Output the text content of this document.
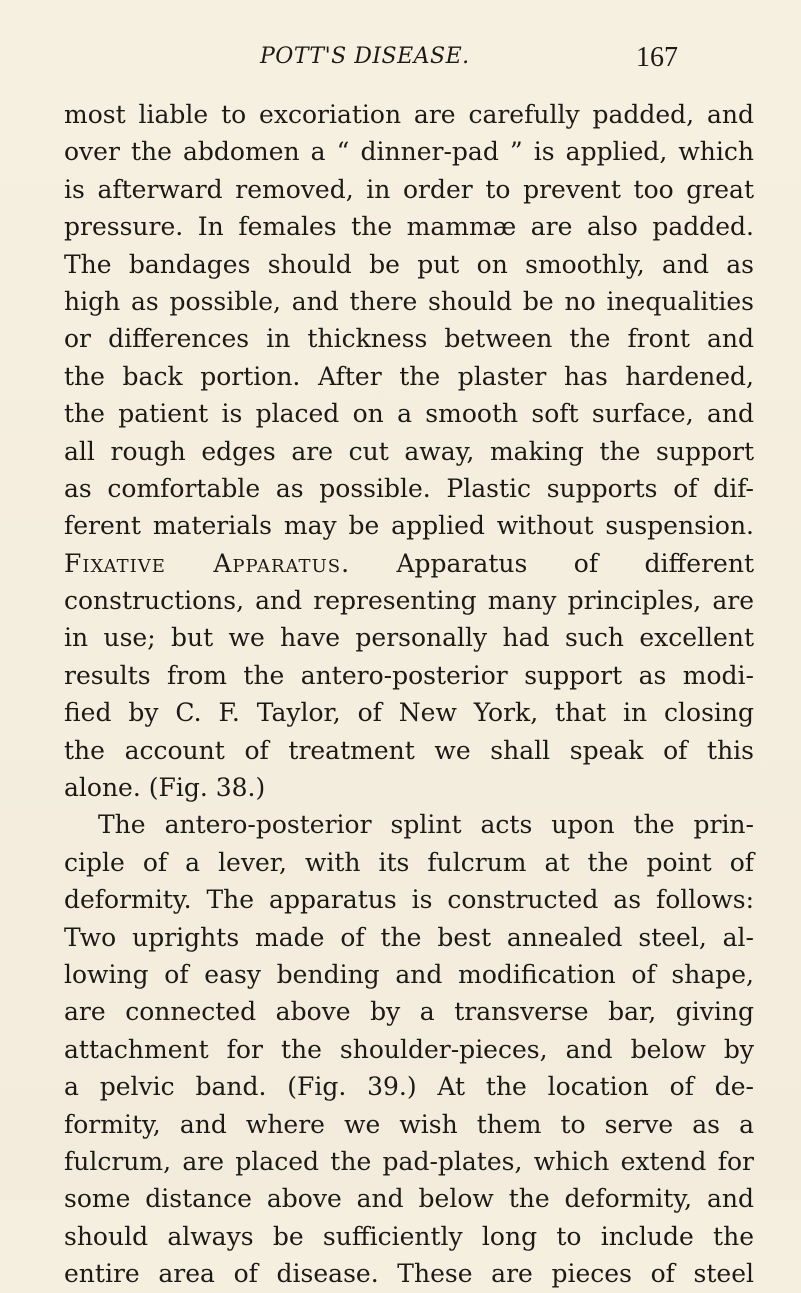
POTT'S DISEASE.	167
most liable to excoriation are carefully padded, and
over the abdomen a “ dinner-pad ” is applied, which
is afterward removed, in order to prevent too great
pressure. In females the mammæ are also padded.
The bandages should be put on smoothly, and as
high as possible, and there should be no inequalities
or differences in thickness between the front and
the back portion. After the plaster has hardened,
the patient is placed on a smooth soft surface, and
all rough edges are cut away, making the support
as comfortable as possible. Plastic supports of dif-
ferent materials may be applied without suspension.
Fixative Apparatus. Apparatus of different
constructions, and representing many principles, are
in use; but we have personally had such excellent
results from the antero-posterior support as modi-
fied by C. F. Taylor, of New York, that in closing
the account of treatment we shall speak of this
alone. (Fig. 38.)
The antero-posterior splint acts upon the prin-
ciple of a lever, with its fulcrum at the point of
deformity. The apparatus is constructed as follows:
Two uprights made of the best annealed steel, al-
lowing of easy bending and modification of shape,
are connected above by a transverse bar, giving
attachment for the shoulder-pieces, and below by
a pelvic band. (Fig. 39.) At the location of de-
formity, and where we wish them to serve as a
fulcrum, are placed the pad-plates, which extend for
some distance above and below the deformity, and
should always be sufficiently long to include the
entire area of disease. These are pieces of steel
